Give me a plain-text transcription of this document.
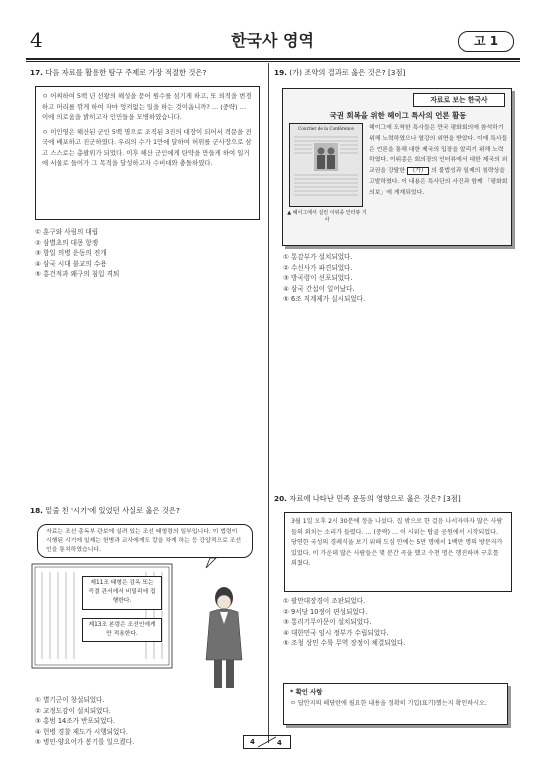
4	한국사 영역	고 1
17. 다음 자료를 활용한 탐구 주제로 가장 적절한 것은?
ㅇ 어찌하여 5백 년 선왕의 해성을 묻어 원수를 섬기게 하고, 또 외적을 변경하고 머리를 깎게 하여 자마 엉켜없는 일을 하는 것이옵니까? … (중략) … 이에 의로움을 밝히고자 인민들을 모병하였습니다.
ㅇ 이인영은 해산된 군인 5백 명으로 조직된 3진의 대장이 되어서 격문을 전국에 배포하고 진군하였다. 우리의 수가 1만에 달하여 허위를 군사장으로 삼고 스스로는 총괄위가 되었다. 이후 해산 군인에게 탄약을 만들게 하여 일거에 서울로 들어가 그 목적을 달성하고자 수비대와 충돌하였다.
① 훈구와 사림의 대립
② 삼별초의 대몽 항쟁
③ 항일 의병 운동의 전개
④ 삼국 시대 불교의 수용
⑤ 홍건적과 왜구의 침입 격퇴
19. (가) 조약의 결과로 옳은 것은? [3점]
자료로 보는 한국사
국권 회복을 위한 헤이그 특사의 언론 활동
Courrier de la Conférence
▲ 헤이그에서 실린 이위종 인터뷰 기사
헤이그에 도착한 특사들은 만국 평화회의에 참석하기 위해 노력하였으나 열강의 외면을 받았다. 이에 특사들은 언론을 통해 대한 제국의 입장을 알리기 위해 노력하였다. 이위종은 회의장의 인터뷰에서 대한 제국의 외교권을 강탈한 (가) 의 불법성과 일제의 침략상을 고발하였다. 이 내용은 특사단의 사진과 함께 「평화회의보」에 게재되었다.
① 통감부가 설치되었다.
② 수신사가 파견되었다.
③ 방곡령이 선포되었다.
④ 삼국 간섭이 일어났다.
⑤ 6조 직계제가 실시되었다.
18. 밑줄 친 '시기'에 있었던 사실로 옳은 것은?
자료는 조선 총독부 관보에 실려 있는 조선 태형령의 일부입니다. 이 법령이 시행된 시기에 일제는 헌병과 교사에게도 칼을 차게 하는 등 강압적으로 조선인을 통치하였습니다.
제11조 태형은 감옥 또는 즉결 관서에서 비밀리에 집행한다.
제13조 본령은 조선인에게만 적용한다.
① 별기군이 창설되었다.
② 교정도감이 설치되었다.
③ 홍범 14조가 반포되었다.
④ 헌병 경찰 제도가 시행되었다.
⑤ 병인·양요어가 봉기를 일으켰다.
20. 자료에 나타난 민족 운동의 영향으로 옳은 것은? [3점]
3월 1일 오후 2시 30분에 정을 나섰다. 집 밖으로 한 걸음 나서자마자 많은 사람들의 외치는 소리가 들렸다. … (중략) … 이 시위는 탑골 공원에서 시작되었다. 당연한 국성의 경례식을 보기 위해 도심 안에는 5만 명에서 1백만 명의 방문자가 있었다. 이 가운데 많은 사람들은 몇 분간 곡을 했고 수천 명은 행진하며 구호를 외쳤다.
① 팔만대장경이 조판되었다.
② 9서당 10정이 편성되었다.
③ 통리기무아문이 설치되었다.
④ 대한민국 임시 정부가 수립되었다.
⑤ 조청 상민 수륙 무역 장정이 체결되었다.
* 확인 사항
ㅇ 답안지의 해당란에 필요한 내용을 정확히 기입(표기)했는지 확인하시오.
4	4
